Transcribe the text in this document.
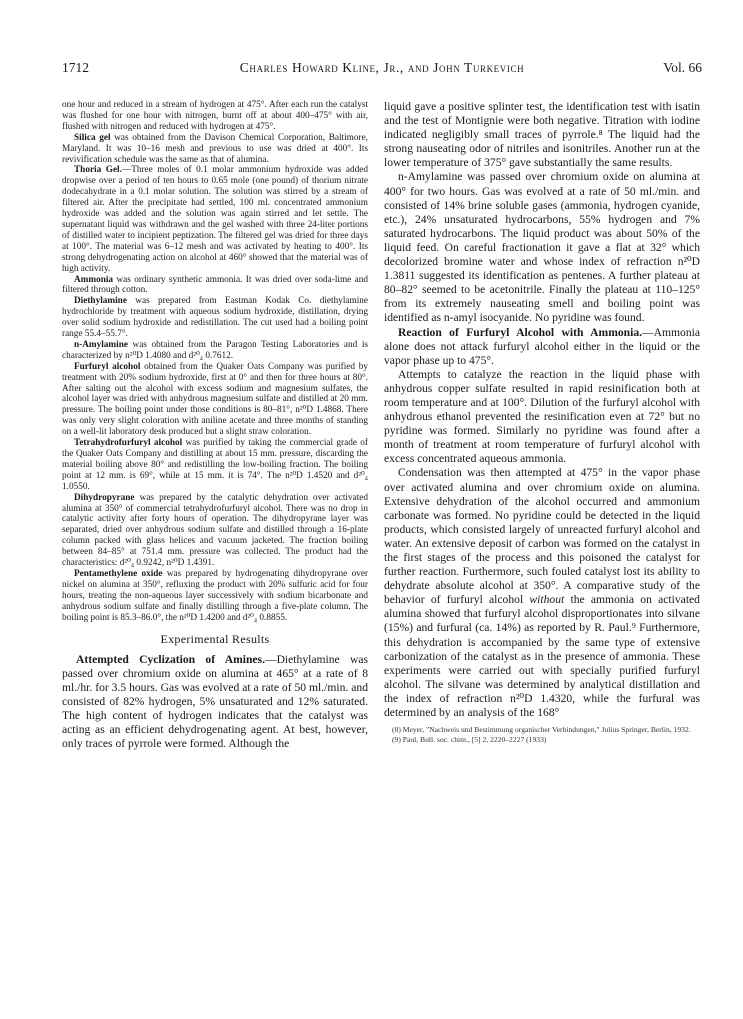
1712	Charles Howard Kline, Jr., and John Turkevich	Vol. 66

one hour and reduced in a stream of hydrogen at 475°. After each run the catalyst was flushed for one hour with nitrogen, burnt off at about 400–475° with air, flushed with nitrogen and reduced with hydrogen at 475°.

Silica gel was obtained from the Davison Chemical Corporation, Baltimore, Maryland. It was 10–16 mesh and previous to use was dried at 400°. Its revivification schedule was the same as that of alumina.

Thoria Gel.—Three moles of 0.1 molar ammonium hydroxide was added dropwise over a period of ten hours to 0.65 mole (one pound) of thorium nitrate dodecahydrate in a 0.1 molar solution. The solution was stirred by a stream of filtered air. After the precipitate had settled, 100 ml. concentrated ammonium hydroxide was added and the solution was again stirred and let settle. The supernatant liquid was withdrawn and the gel washed with three 24-liter portions of distilled water to incipient peptization. The filtered gel was dried for three days at 100°. The material was 6–12 mesh and was activated by heating to 400°. Its strong dehydrogenating action on alcohol at 460° showed that the material was of high activity.

Ammonia was ordinary synthetic ammonia. It was dried over soda-lime and filtered through cotton.

Diethylamine was prepared from Eastman Kodak Co. diethylamine hydrochloride by treatment with aqueous sodium hydroxide, distillation, drying over solid sodium hydroxide and redistillation. The cut used had a boiling point range 55.4–55.7°.

n-Amylamine was obtained from the Paragon Testing Laboratories and is characterized by n²⁰D 1.4080 and d²⁰₄ 0.7612.

Furfuryl alcohol obtained from the Quaker Oats Company was purified by treatment with 20% sodium hydroxide, first at 0° and then for three hours at 80°. After salting out the alcohol with excess sodium and magnesium sulfates, the alcohol layer was dried with anhydrous magnesium sulfate and distilled at 20 mm. pressure. The boiling point under those conditions is 80–81°, n²⁰D 1.4868. There was only very slight coloration with aniline acetate and three months of standing on a well-lit laboratory desk produced but a slight straw coloration.

Tetrahydrofurfuryl alcohol was purified by taking the commercial grade of the Quaker Oats Company and distilling at about 15 mm. pressure, discarding the material boiling above 80° and redistilling the low-boiling fraction. The boiling point at 12 mm. is 69°, while at 15 mm. it is 74°. The n²⁰D 1.4520 and d²⁰₄ 1.0550.

Dihydropyrane was prepared by the catalytic dehydration over activated alumina at 350° of commercial tetrahydrofurfuryl alcohol. There was no drop in catalytic activity after forty hours of operation. The dihydropyrane layer was separated, dried over anhydrous sodium sulfate and distilled through a 16-plate column packed with glass helices and vacuum jacketed. The fraction boiling between 84–85° at 751.4 mm. pressure was collected. The product had the characteristics: d²⁰₄ 0.9242, n²⁰D 1.4391.

Pentamethylene oxide was prepared by hydrogenating dihydropyrane over nickel on alumina at 350°, refluxing the product with 20% sulfuric acid for four hours, treating the non-aqueous layer successively with sodium bicarbonate and anhydrous sodium sulfate and finally distilling through a five-plate column. The boiling point is 85.3–86.0°, the n²⁰D 1.4200 and d²⁰₄ 0.8855.

Experimental Results

Attempted Cyclization of Amines.—Diethylamine was passed over chromium oxide on alumina at 465° at a rate of 8 ml./hr. for 3.5 hours. Gas was evolved at a rate of 50 ml./min. and consisted of 82% hydrogen, 5% unsaturated and 12% saturated. The high content of hydrogen indicates that the catalyst was acting as an efficient dehydrogenating agent. At best, however, only traces of pyrrole were formed. Although the

liquid gave a positive splinter test, the identification test with isatin and the test of Montignie were both negative. Titration with iodine indicated negligibly small traces of pyrrole.⁸ The liquid had the strong nauseating odor of nitriles and isonitriles. Another run at the lower temperature of 375° gave substantially the same results.

n-Amylamine was passed over chromium oxide on alumina at 400° for two hours. Gas was evolved at a rate of 50 ml./min. and consisted of 14% brine soluble gases (ammonia, hydrogen cyanide, etc.), 24% unsaturated hydrocarbons, 55% hydrogen and 7% saturated hydrocarbons. The liquid product was about 50% of the liquid feed. On careful fractionation it gave a flat at 32° which decolorized bromine water and whose index of refraction n²⁰D 1.3811 suggested its identification as pentenes. A further plateau at 80–82° seemed to be acetonitrile. Finally the plateau at 110–125° from its extremely nauseating smell and boiling point was identified as n-amyl isocyanide. No pyridine was found.

Reaction of Furfuryl Alcohol with Ammonia.—Ammonia alone does not attack furfuryl alcohol either in the liquid or the vapor phase up to 475°.

Attempts to catalyze the reaction in the liquid phase with anhydrous copper sulfate resulted in rapid resinification both at room temperature and at 100°. Dilution of the furfuryl alcohol with anhydrous ethanol prevented the resinification even at 72° but no pyridine was formed. Similarly no pyridine was found after a month of treatment at room temperature of furfuryl alcohol with excess concentrated aqueous ammonia.

Condensation was then attempted at 475° in the vapor phase over activated alumina and over chromium oxide on alumina. Extensive dehydration of the alcohol occurred and ammonium carbonate was formed. No pyridine could be detected in the liquid products, which consisted largely of unreacted furfuryl alcohol and water. An extensive deposit of carbon was formed on the catalyst in the first stages of the process and this poisoned the catalyst for further reaction. Furthermore, such fouled catalyst lost its ability to dehydrate absolute alcohol at 350°. A comparative study of the behavior of furfuryl alcohol without the ammonia on activated alumina showed that furfuryl alcohol disproportionates into silvane (15%) and furfural (ca. 14%) as reported by R. Paul.⁹ Furthermore, this dehydration is accompanied by the same type of extensive carbonization of the catalyst as in the presence of ammonia. These experiments were carried out with specially purified furfuryl alcohol. The silvane was determined by analytical distillation and the index of refraction n²⁰D 1.4320, while the furfural was determined by an analysis of the 168°

(8) Meyer, "Nachweis und Bestimmung organischer Verbindungen," Julius Springer, Berlin, 1932.
(9) Paul, Bull. soc. chim., [5] 2, 2220–2227 (1933)
